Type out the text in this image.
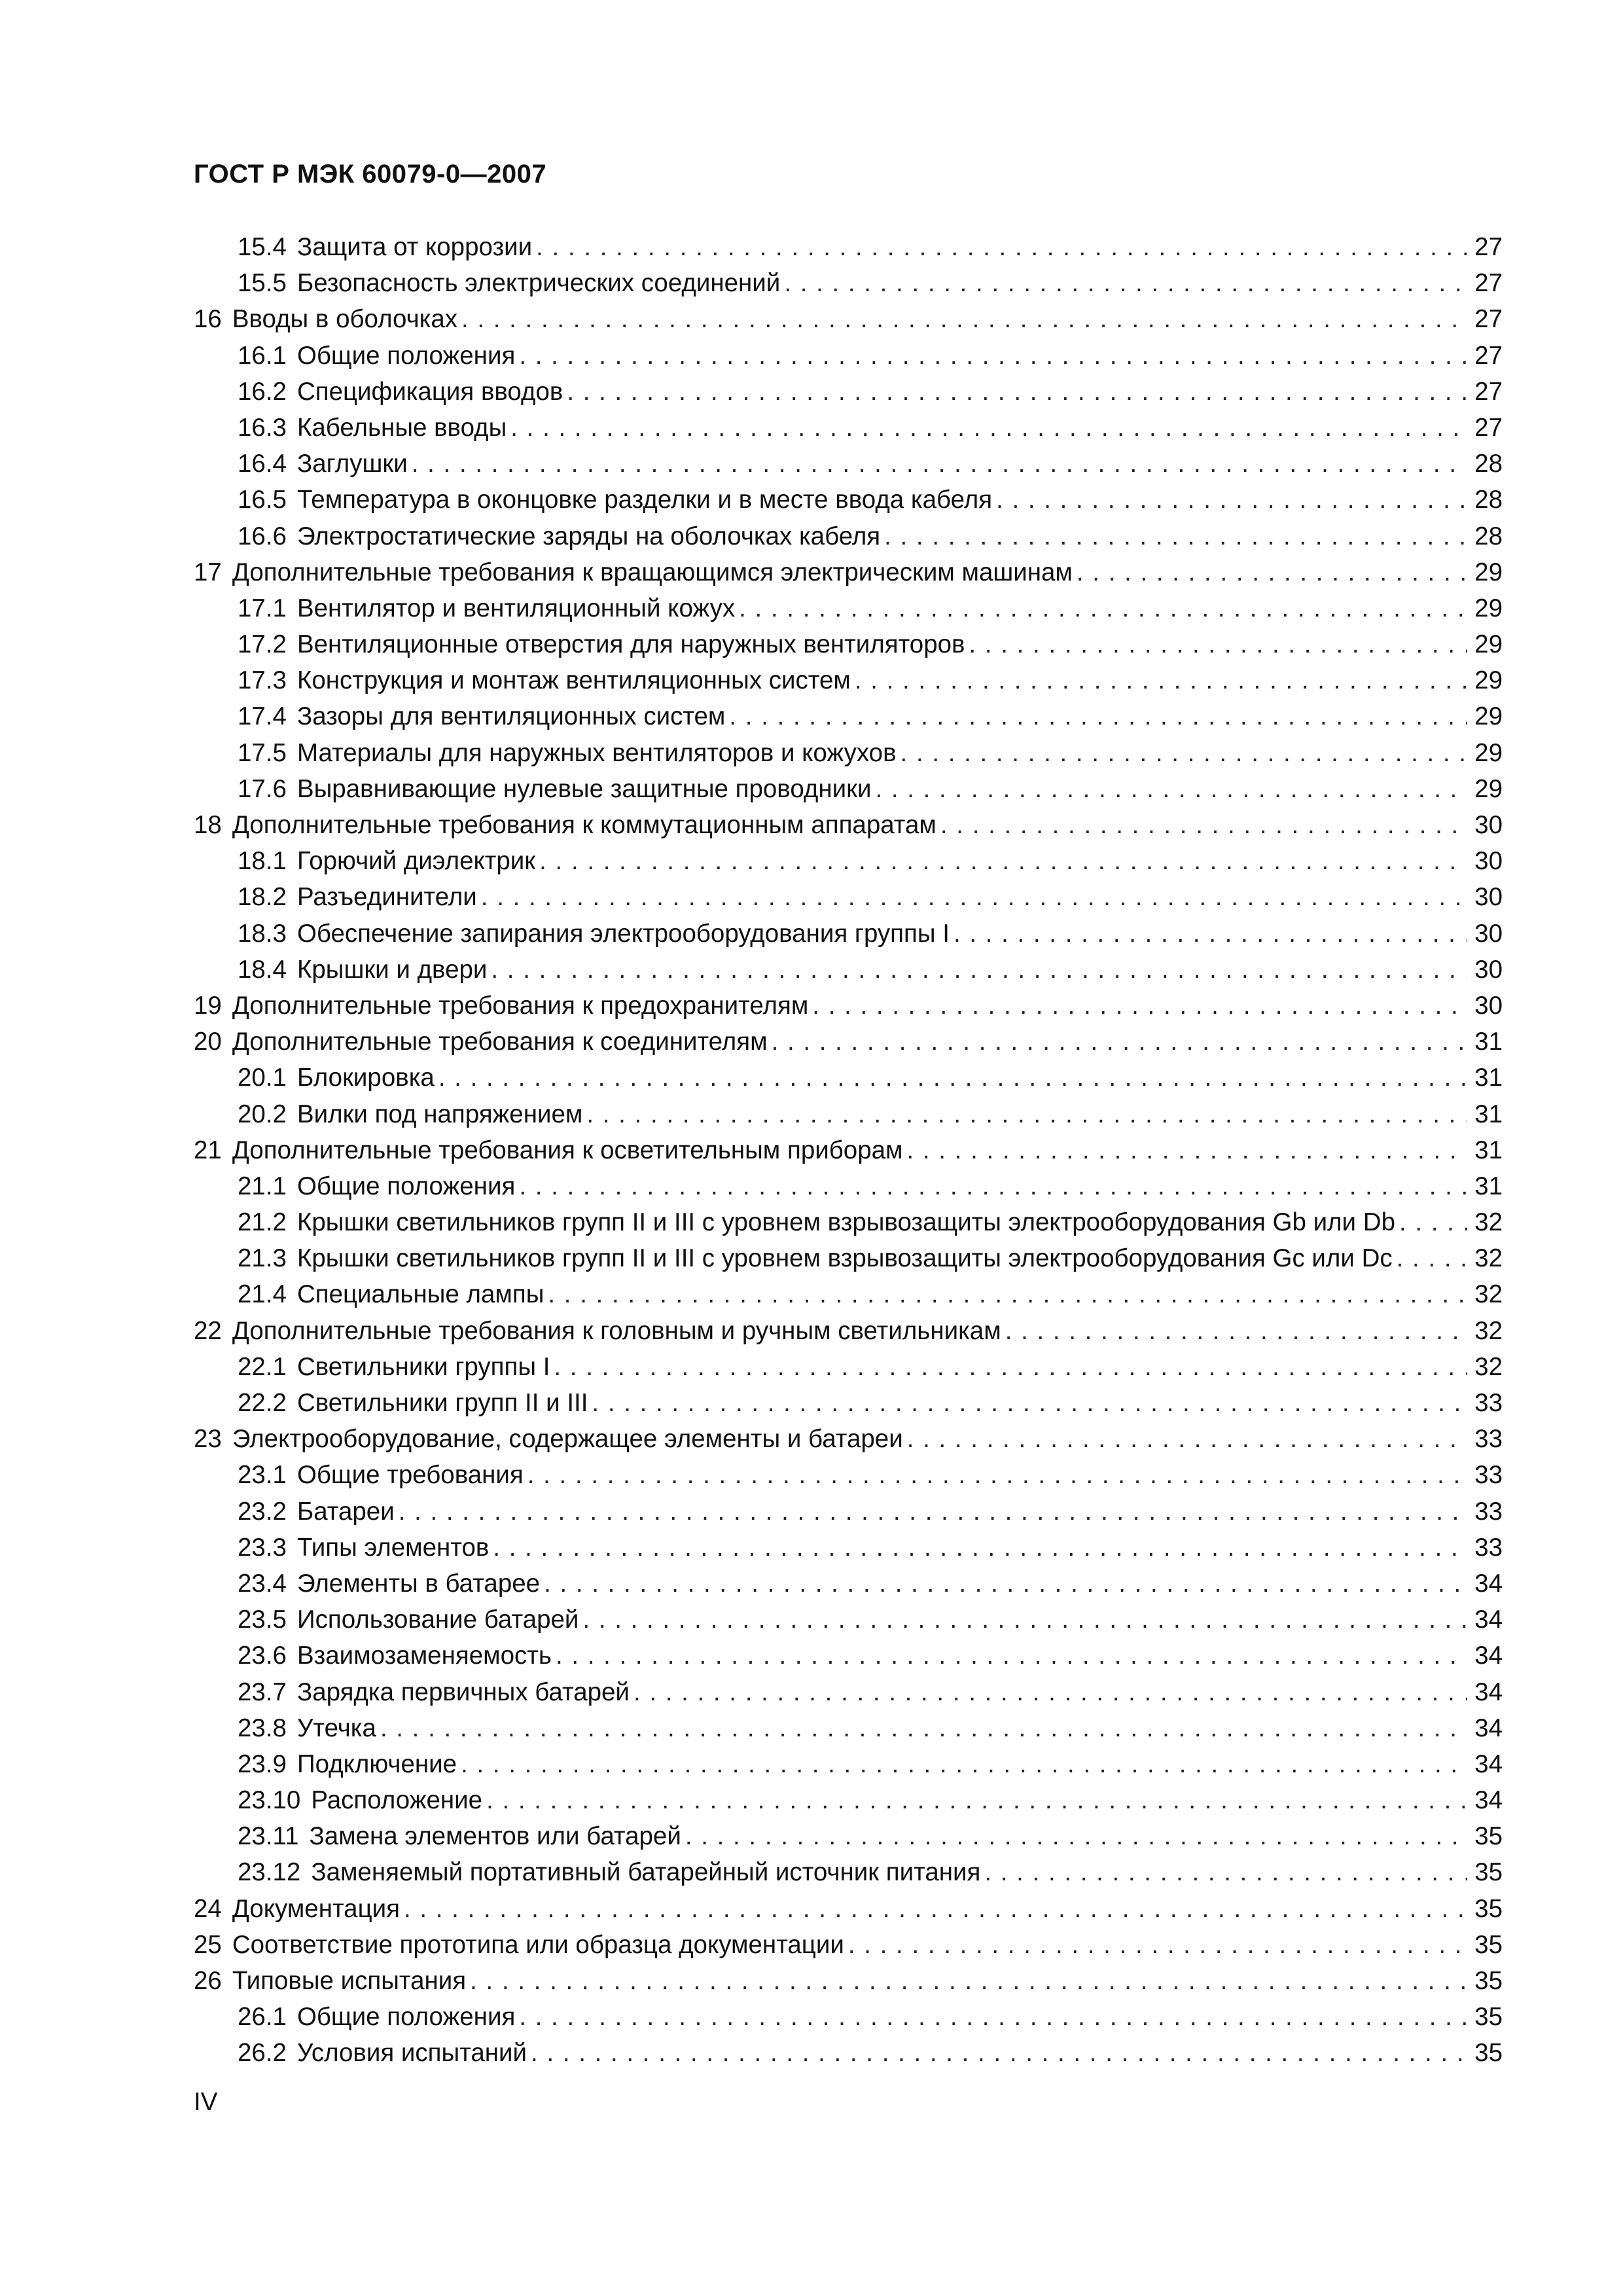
ГОСТ Р МЭК 60079-0—2007
15.4 Защита от коррозии . . .	27
15.5 Безопасность электрических соединений . . .	27
16 Вводы в оболочках . . .	27
16.1 Общие положения . . .	27
16.2 Спецификация вводов . . .	27
16.3 Кабельные вводы . . .	27
16.4 Заглушки . . .	28
16.5 Температура в оконцовке разделки и в месте ввода кабеля . . .	28
16.6 Электростатические заряды на оболочках кабеля . . .	28
17 Дополнительные требования к вращающимся электрическим машинам . . .	29
17.1 Вентилятор и вентиляционный кожух . . .	29
17.2 Вентиляционные отверстия для наружных вентиляторов . . .	29
17.3 Конструкция и монтаж вентиляционных систем . . .	29
17.4 Зазоры для вентиляционных систем . . .	29
17.5 Материалы для наружных вентиляторов и кожухов . . .	29
17.6 Выравнивающие нулевые защитные проводники . . .	29
18 Дополнительные требования к коммутационным аппаратам . . .	30
18.1 Горючий диэлектрик . . .	30
18.2 Разъединители . . .	30
18.3 Обеспечение запирания электрооборудования группы I . . .	30
18.4 Крышки и двери . . .	30
19 Дополнительные требования к предохранителям . . .	30
20 Дополнительные требования к соединителям . . .	31
20.1 Блокировка . . .	31
20.2 Вилки под напряжением . . .	31
21 Дополнительные требования к осветительным приборам . . .	31
21.1 Общие положения . . .	31
21.2 Крышки светильников групп II и III с уровнем взрывозащиты электрооборудования Gb или Db . . .	32
21.3 Крышки светильников групп II и III с уровнем взрывозащиты электрооборудования Gc или Dc . . .	32
21.4 Специальные лампы . . .	32
22 Дополнительные требования к головным и ручным светильникам . . .	32
22.1 Светильники группы I . . .	32
22.2 Светильники групп II и III . . .	33
23 Электрооборудование, содержащее элементы и батареи . . .	33
23.1 Общие требования . . .	33
23.2 Батареи . . .	33
23.3 Типы элементов . . .	33
23.4 Элементы в батарее . . .	34
23.5 Использование батарей . . .	34
23.6 Взаимозаменяемость . . .	34
23.7 Зарядка первичных батарей . . .	34
23.8 Утечка . . .	34
23.9 Подключение . . .	34
23.10 Расположение . . .	34
23.11 Замена элементов или батарей . . .	35
23.12 Заменяемый портативный батарейный источник питания . . .	35
24 Документация . . .	35
25 Соответствие прототипа или образца документации . . .	35
26 Типовые испытания . . .	35
26.1 Общие положения . . .	35
26.2 Условия испытаний . . .	35
IV
